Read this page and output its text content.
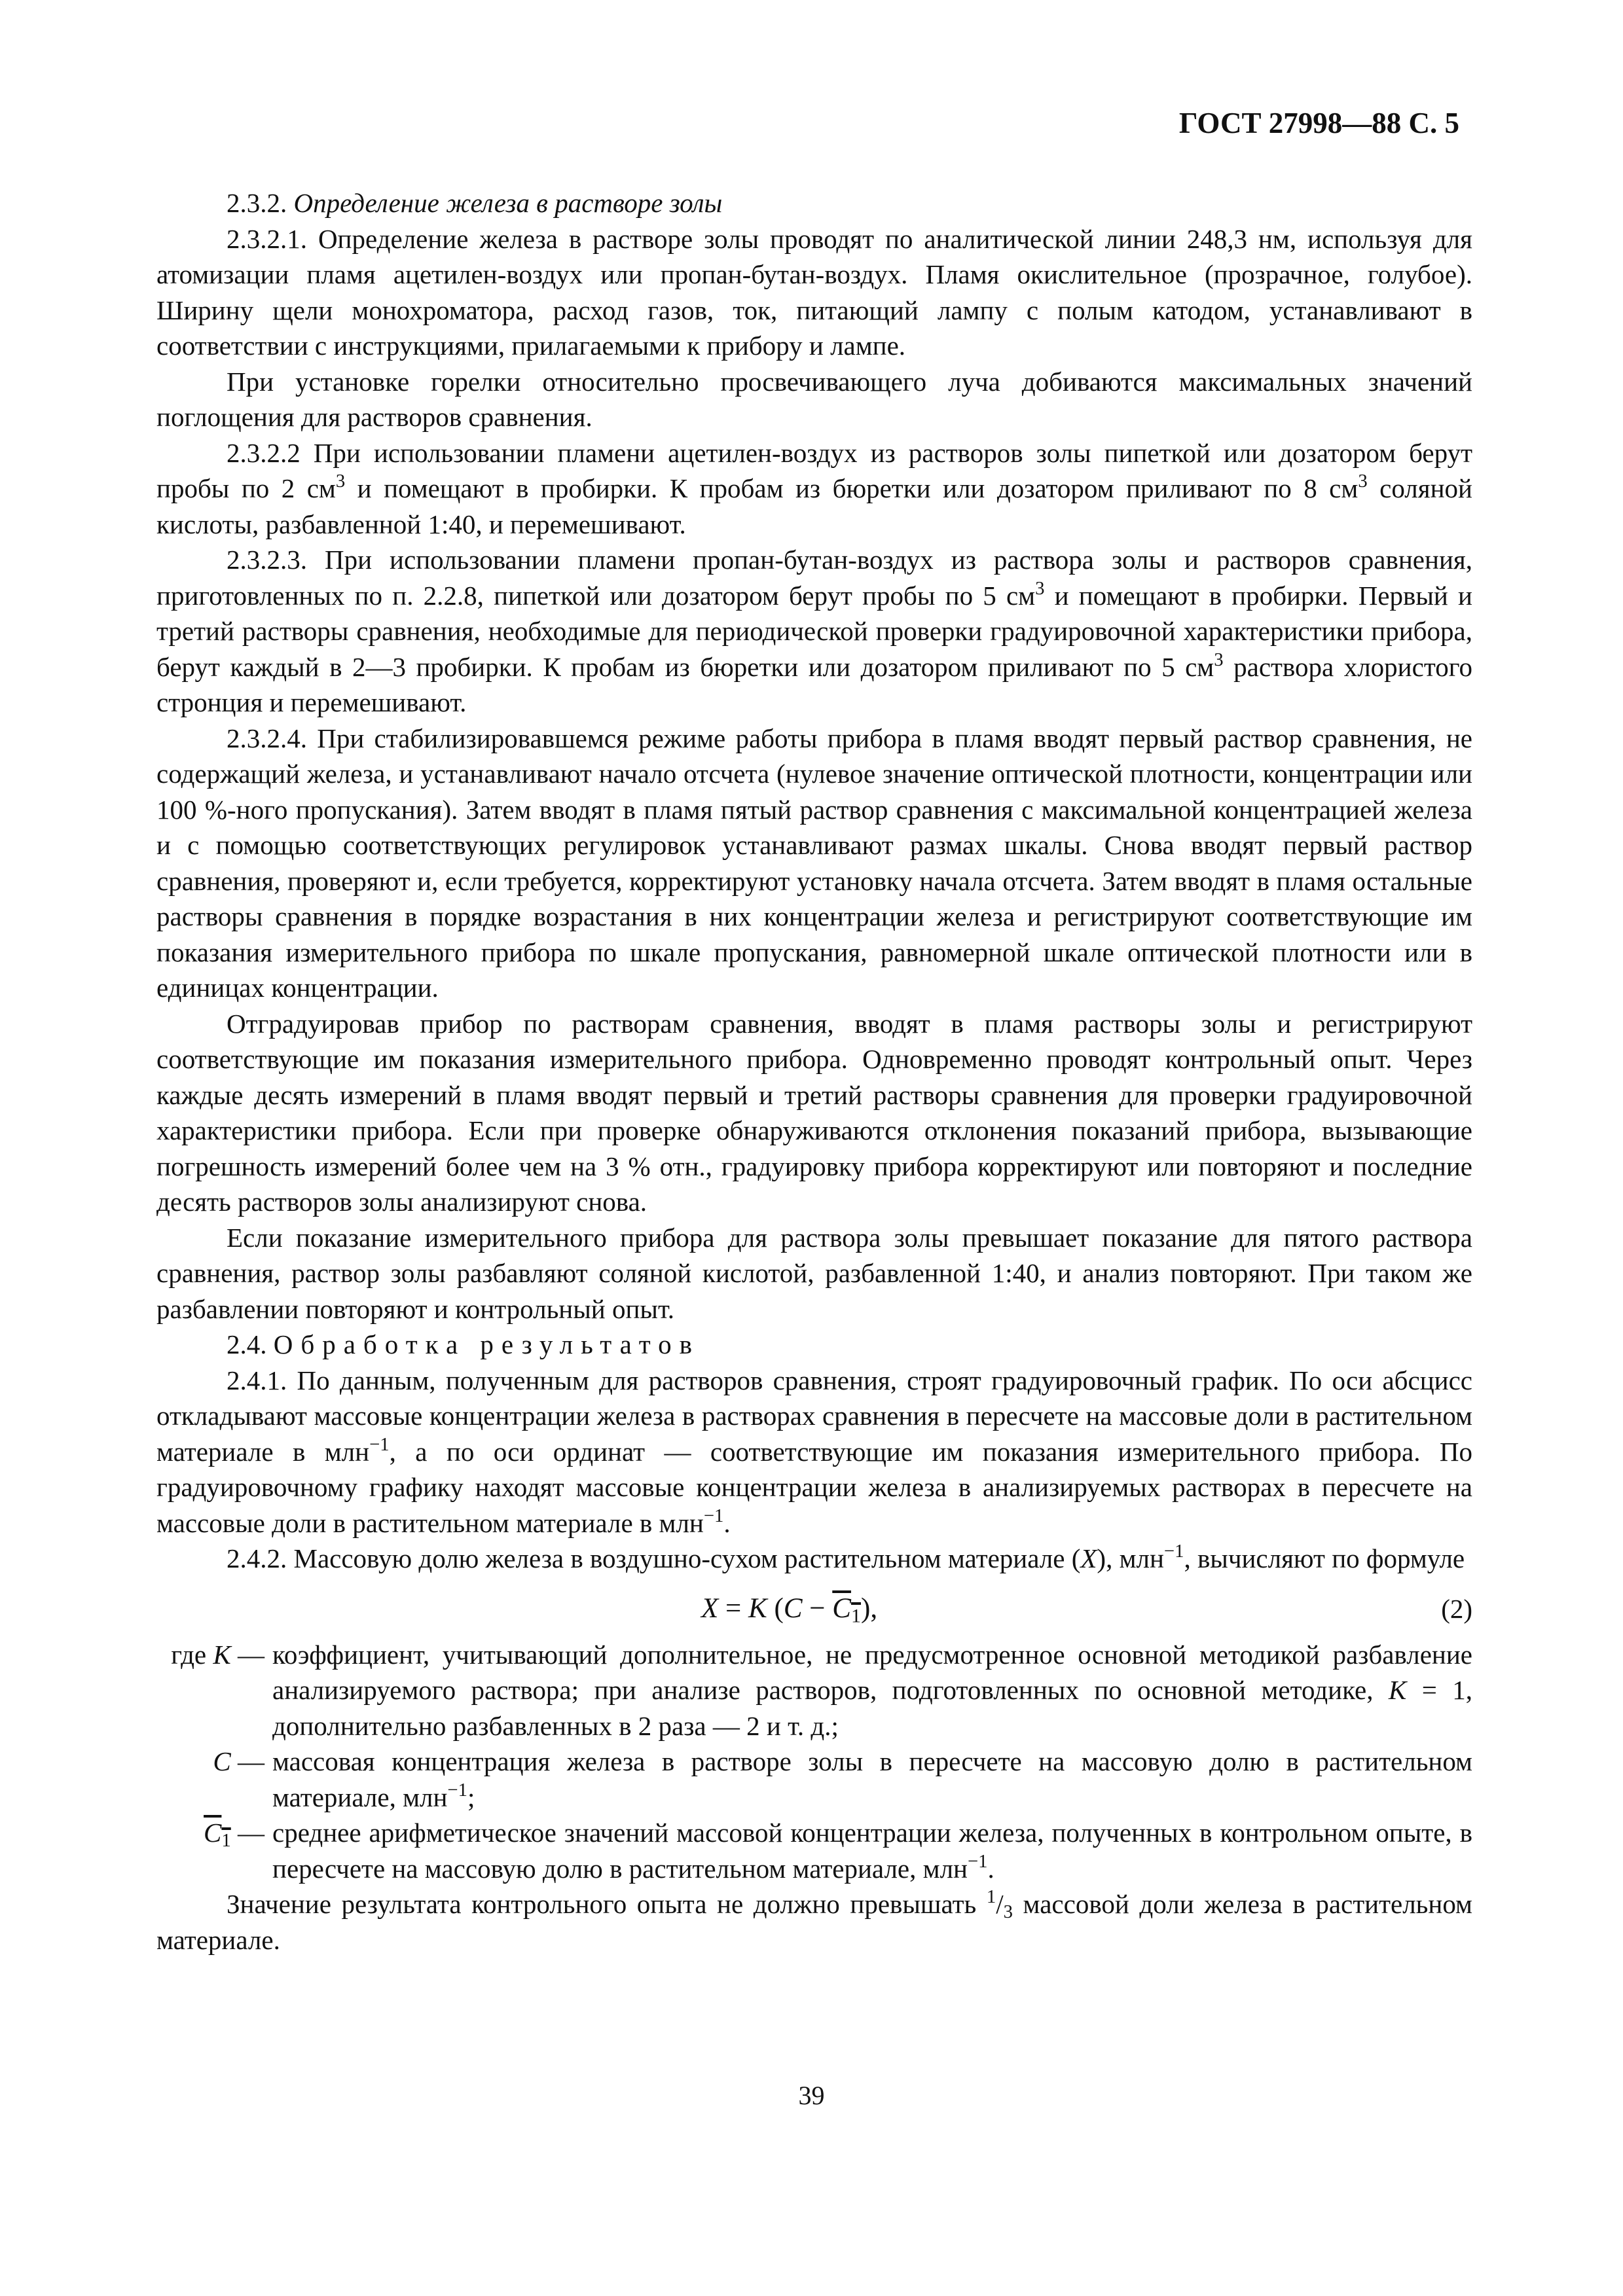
ГОСТ 27998—88 С. 5

2.3.2. Определение железа в растворе золы

2.3.2.1. Определение железа в растворе золы проводят по аналитической линии 248,3 нм, используя для атомизации пламя ацетилен-воздух или пропан-бутан-воздух. Пламя окислительное (прозрачное, голубое). Ширину щели монохроматора, расход газов, ток, питающий лампу с полым катодом, устанавливают в соответствии с инструкциями, прилагаемыми к прибору и лампе.

При установке горелки относительно просвечивающего луча добиваются максимальных значений поглощения для растворов сравнения.

2.3.2.2 При использовании пламени ацетилен-воздух из растворов золы пипеткой или дозатором берут пробы по 2 $см^3$ и помещают в пробирки. К пробам из бюретки или дозатором приливают по 8 $см^3$ соляной кислоты, разбавленной 1:40, и перемешивают.

2.3.2.3. При использовании пламени пропан-бутан-воздух из раствора золы и растворов сравнения, приготовленных по п. 2.2.8, пипеткой или дозатором берут пробы по 5 $см^3$ и помещают в пробирки. Первый и третий растворы сравнения, необходимые для периодической проверки градуировочной характеристики прибора, берут каждый в 2—3 пробирки. К пробам из бюретки или дозатором приливают по 5 $см^3$ раствора хлористого стронция и перемешивают.

2.3.2.4. При стабилизировавшемся режиме работы прибора в пламя вводят первый раствор сравнения, не содержащий железа, и устанавливают начало отсчета (нулевое значение оптической плотности, концентрации или 100 %-ного пропускания). Затем вводят в пламя пятый раствор сравнения с максимальной концентрацией железа и с помощью соответствующих регулировок устанавливают размах шкалы. Снова вводят первый раствор сравнения, проверяют и, если требуется, корректируют установку начала отсчета. Затем вводят в пламя остальные растворы сравнения в порядке возрастания в них концентрации железа и регистрируют соответствующие им показания измерительного прибора по шкале пропускания, равномерной шкале оптической плотности или в единицах концентрации.

Отградуировав прибор по растворам сравнения, вводят в пламя растворы золы и регистрируют соответствующие им показания измерительного прибора. Одновременно проводят контрольный опыт. Через каждые десять измерений в пламя вводят первый и третий растворы сравнения для проверки градуировочной характеристики прибора. Если при проверке обнаруживаются отклонения показаний прибора, вызывающие погрешность измерений более чем на 3 % отн., градуировку прибора корректируют или повторяют и последние десять растворов золы анализируют снова.

Если показание измерительного прибора для раствора золы превышает показание для пятого раствора сравнения, раствор золы разбавляют соляной кислотой, разбавленной 1:40, и анализ повторяют. При таком же разбавлении повторяют и контрольный опыт.

2.4. Обработка результатов

2.4.1. По данным, полученным для растворов сравнения, строят градуировочный график. По оси абсцисс откладывают массовые концентрации железа в растворах сравнения в пересчете на массовые доли в растительном материале в млн$^{-1}$, а по оси ординат — соответствующие им показания измерительного прибора. По градуировочному графику находят массовые концентрации железа в анализируемых растворах в пересчете на массовые доли в растительном материале в млн$^{-1}$.

2.4.2. Массовую долю железа в воздушно-сухом растительном материале (X), млн$^{-1}$, вычисляют по формуле

X = K $(C - C_1)$,	(2)
где K — коэффициент, учитывающий дополнительное, не предусмотренное основной методикой разбавление анализируемого раствора; при анализе растворов, подготовленных по основной методике, K = 1, дополнительно разбавленных в 2 раза — 2 и т. д.;
C — массовая концентрация железа в растворе золы в пересчете на массовую долю в растительном материале, млн$^{-1}$;
$C_1$ — среднее арифметическое значений массовой концентрации железа, полученных в контрольном опыте, в пересчете на массовую долю в растительном материале, млн$^{-1}$.

Значение результата контрольного опыта не должно превышать $^1/_3$ массовой доли железа в растительном материале.

39
